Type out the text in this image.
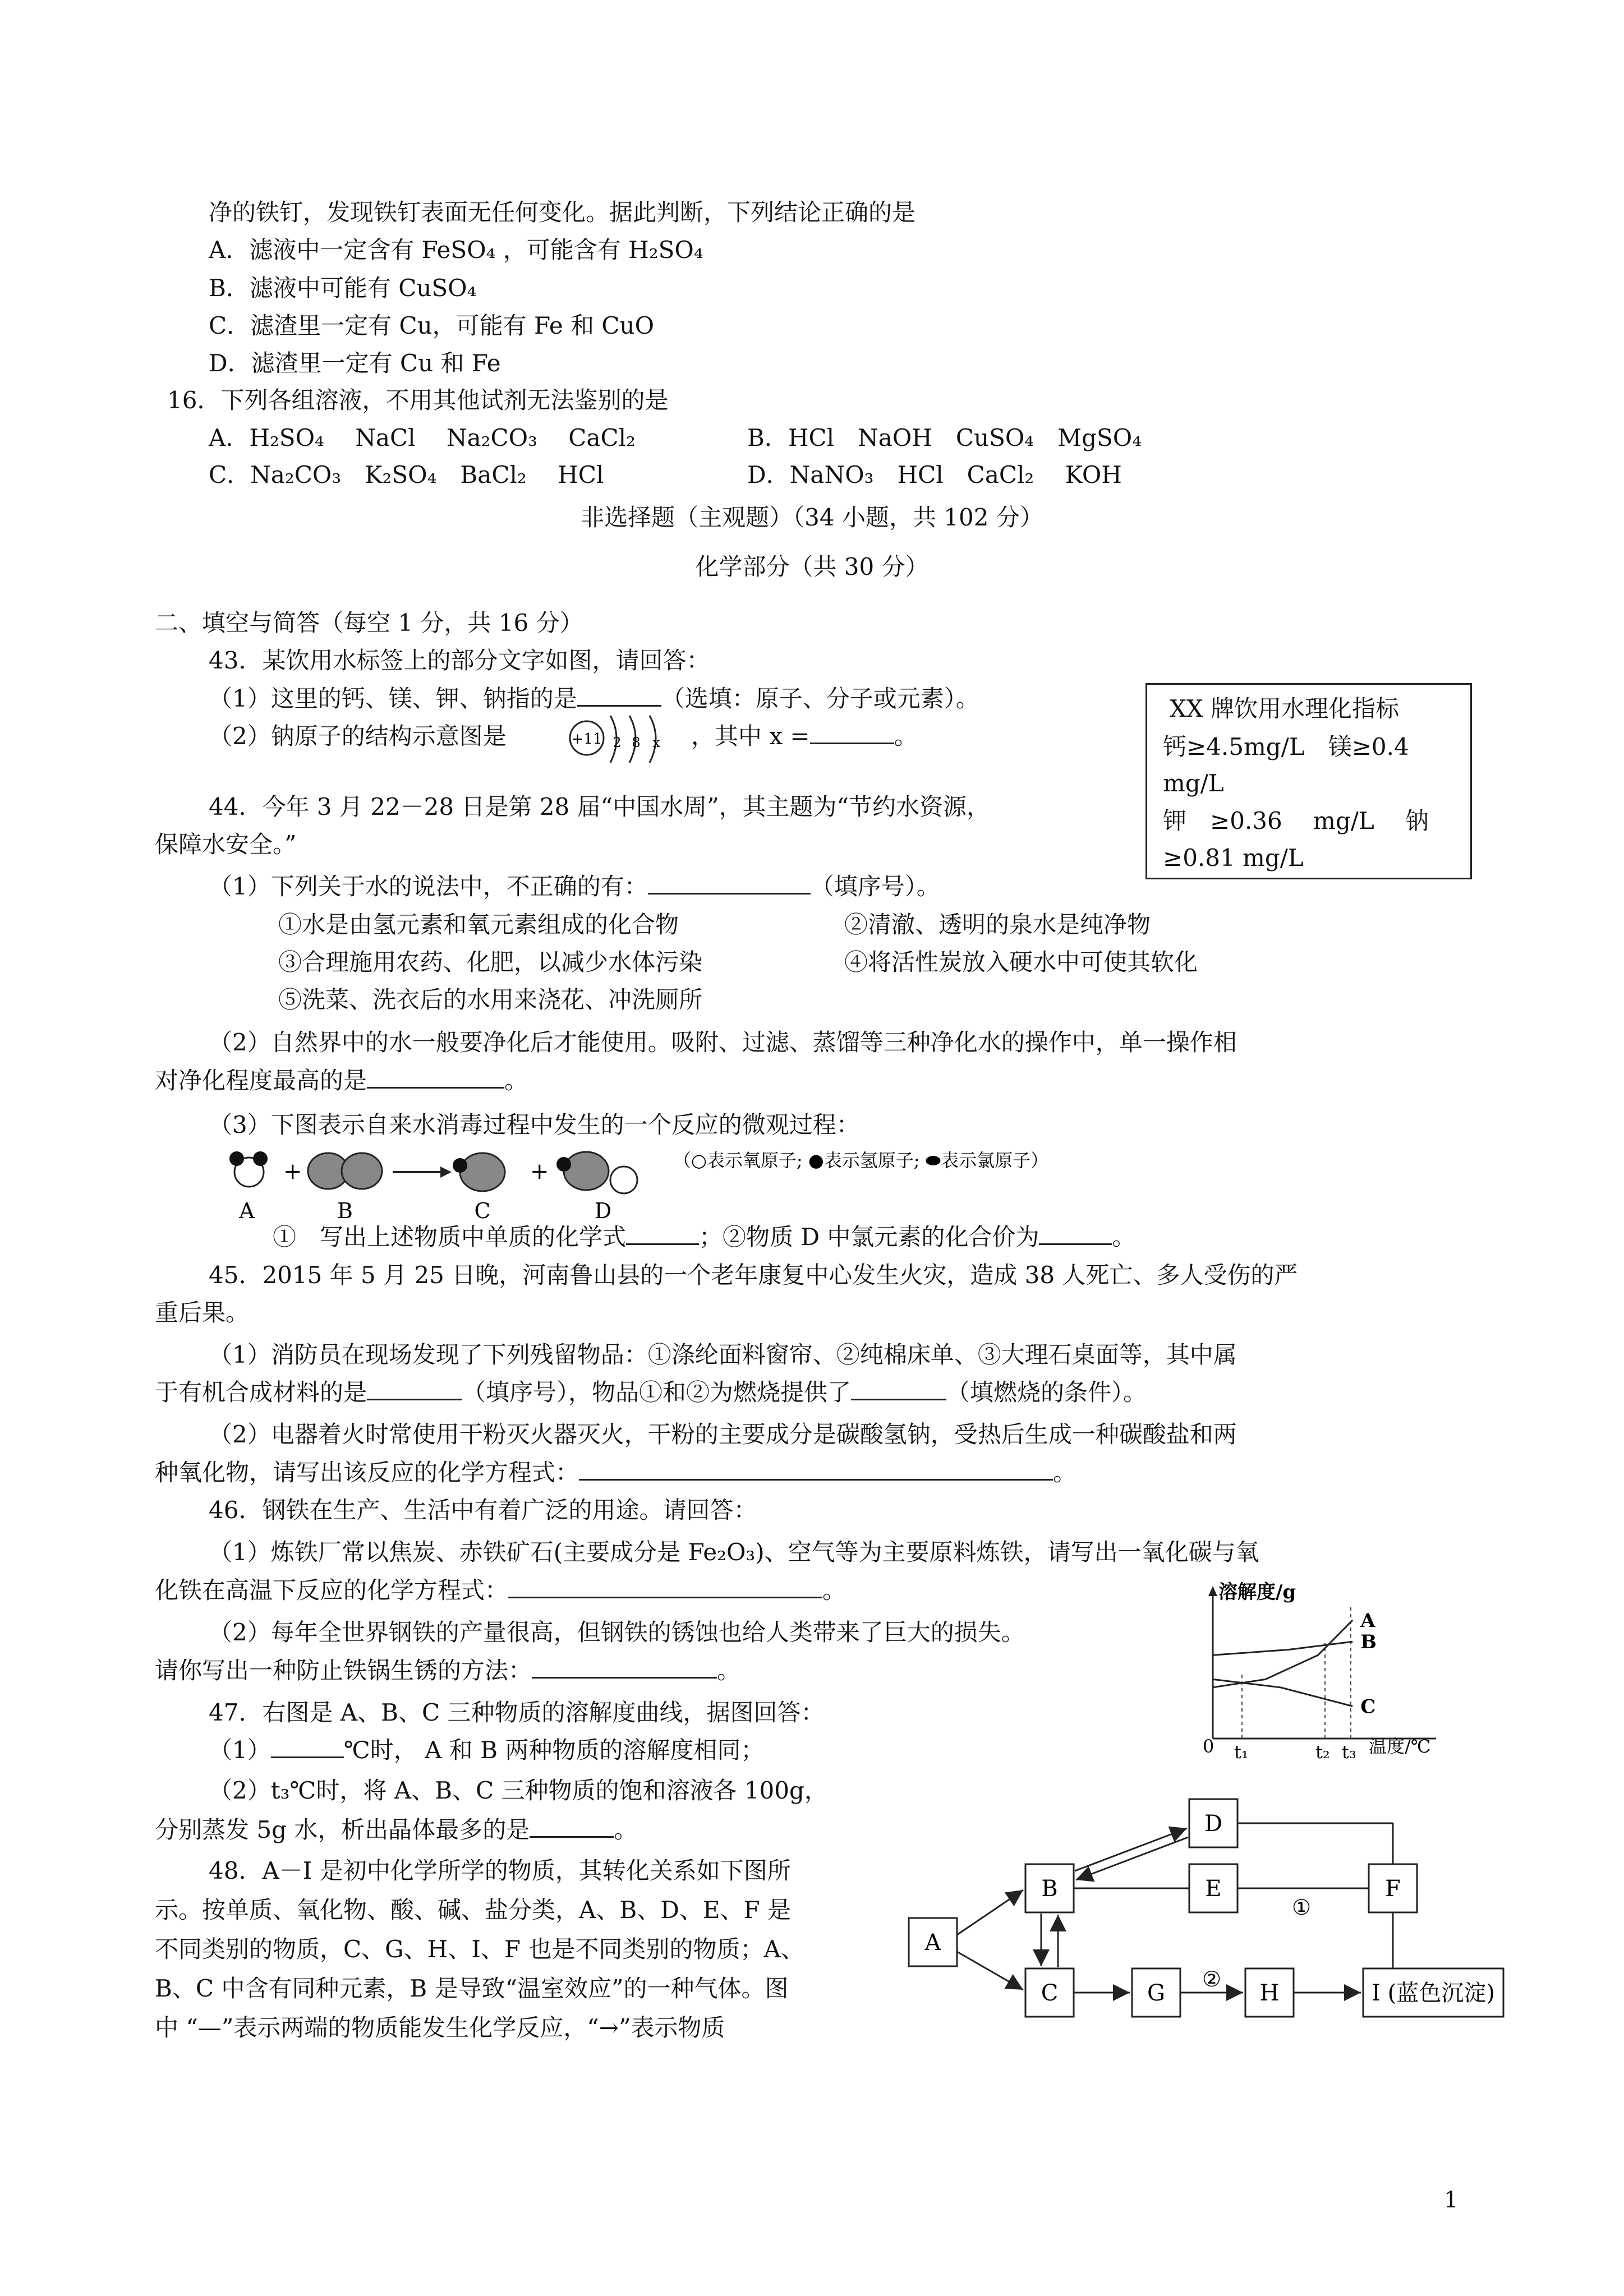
净的铁钉，发现铁钉表面无任何变化。据此判断，下列结论正确的是
A．滤液中一定含有 FeSO₄ ，可能含有 H₂SO₄
B．滤液中可能有 CuSO₄
C．滤渣里一定有 Cu，可能有 Fe 和 CuO
D．滤渣里一定有 Cu 和 Fe
16．下列各组溶液，不用其他试剂无法鉴别的是
A．H₂SO₄　 NaCl　 Na₂CO₃　 CaCl₂	B．HCl　NaOH　CuSO₄　MgSO₄
C．Na₂CO₃　K₂SO₄　BaCl₂　 HCl	D．NaNO₃　HCl　CaCl₂　 KOH
非选择题（主观题）（34 小题，共 102 分）
化学部分（共 30 分）
二、填空与简答（每空 1 分，共 16 分）
43．某饮用水标签上的部分文字如图，请回答：
（1）这里的钙、镁、钾、钠指的是	（选填：原子、分子或元素）。
（2）钠原子的结构示意图是	+11 2 8 x ，其中 x =	。
XX 牌饮用水理化指标
钙≥4.5mg/L　镁≥0.4
mg/L
钾　≥0.36　 mg/L　 钠
≥0.81 mg/L
44．今年 3 月 22－28 日是第 28 届“中国水周”，其主题为“节约水资源，
保障水安全。”
（1）下列关于水的说法中，不正确的有：	（填序号）。
①水是由氢元素和氧元素组成的化合物	②清澈、透明的泉水是纯净物
③合理施用农药、化肥，以减少水体污染	④将活性炭放入硬水中可使其软化
⑤洗菜、洗衣后的水用来浇花、冲洗厕所
（2）自然界中的水一般要净化后才能使用。吸附、过滤、蒸馏等三种净化水的操作中，单一操作相
对净化程度最高的是	。
（3）下图表示自来水消毒过程中发生的一个反应的微观过程：
+	+
A	B	C	D
（○表示氧原子; ●表示氢原子; ⬬表示氯原子）
①　写出上述物质中单质的化学式	；②物质 D 中氯元素的化合价为	。
45．2015 年 5 月 25 日晚，河南鲁山县的一个老年康复中心发生火灾，造成 38 人死亡、多人受伤的严
重后果。
（1）消防员在现场发现了下列残留物品：①涤纶面料窗帘、②纯棉床单、③大理石桌面等，其中属
于有机合成材料的是	（填序号），物品①和②为燃烧提供了	（填燃烧的条件）。
（2）电器着火时常使用干粉灭火器灭火，干粉的主要成分是碳酸氢钠，受热后生成一种碳酸盐和两
种氧化物，请写出该反应的化学方程式：	。
46．钢铁在生产、生活中有着广泛的用途。请回答：
（1）炼铁厂常以焦炭、赤铁矿石(主要成分是 Fe₂O₃)、空气等为主要原料炼铁，请写出一氧化碳与氧
化铁在高温下反应的化学方程式：	。
（2）每年全世界钢铁的产量很高，但钢铁的锈蚀也给人类带来了巨大的损失。
请你写出一种防止铁锅生锈的方法：	。
47．右图是 A、B、C 三种物质的溶解度曲线，据图回答：
（1）	℃时， A 和 B 两种物质的溶解度相同；
（2）t₃℃时，将 A、B、C 三种物质的饱和溶液各 100g，
分别蒸发 5g 水，析出晶体最多的是	。
溶解度/g
0	温度/℃
t₁	t₂ t₃
A
B
C
48．A－I 是初中化学所学的物质，其转化关系如下图所
示。按单质、氧化物、酸、碱、盐分类，A、B、D、E、F 是
不同类别的物质，C、G、H、I、F 也是不同类别的物质；A、
B、C 中含有同种元素，B 是导致“温室效应”的一种气体。图
中 “—”表示两端的物质能发生化学反应，“→”表示物质
A
B
C
D
E	F
G	H	I (蓝色沉淀)
①
②
1
